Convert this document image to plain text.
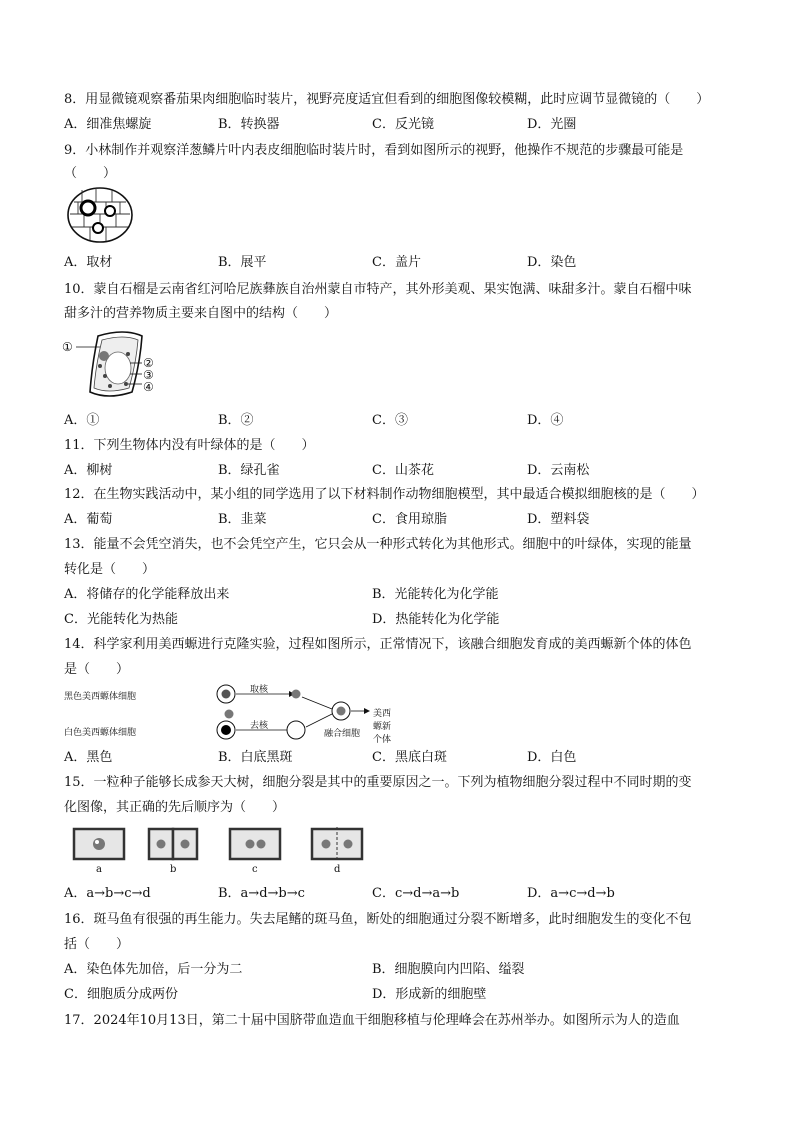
8．用显微镜观察番茄果肉细胞临时装片，视野亮度适宜但看到的细胞图像较模糊，此时应调节显微镜的（　　）
A．细准焦螺旋	B．转换器	C．反光镜	D．光圈
9．小林制作并观察洋葱鳞片叶内表皮细胞临时装片时，看到如图所示的视野，他操作不规范的步骤最可能是
（　　）
A．取材	B．展平	C．盖片	D．染色
10．蒙自石榴是云南省红河哈尼族彝族自治州蒙自市特产，其外形美观、果实饱满、味甜多汁。蒙自石榴中味
甜多汁的营养物质主要来自图中的结构（　　）
①
②
③
④
A．①	B．②	C．③	D．④
11．下列生物体内没有叶绿体的是（　　）
A．柳树	B．绿孔雀	C．山茶花	D．云南松
12．在生物实践活动中，某小组的同学选用了以下材料制作动物细胞模型，其中最适合模拟细胞核的是（　　）
A．葡萄	B．韭菜	C．食用琼脂	D．塑料袋
13．能量不会凭空消失，也不会凭空产生，它只会从一种形式转化为其他形式。细胞中的叶绿体，实现的能量
转化是（　　）
A．将储存的化学能释放出来	B．光能转化为化学能
C．光能转化为热能	D．热能转化为化学能
14．科学家利用美西螈进行克隆实验，过程如图所示，正常情况下，该融合细胞发育成的美西螈新个体的体色
是（　　）
黑色美西螈体细胞
白色美西螈体细胞
取核
去核
融合细胞
美西螈新个体
A．黑色	B．白底黑斑	C．黑底白斑	D．白色
15．一粒种子能够长成参天大树，细胞分裂是其中的重要原因之一。下列为植物细胞分裂过程中不同时期的变
化图像，其正确的先后顺序为（　　）
a	b	c	d
A．a→b→c→d	B．a→d→b→c	C．c→d→a→b	D．a→c→d→b
16．斑马鱼有很强的再生能力。失去尾鳍的斑马鱼，断处的细胞通过分裂不断增多，此时细胞发生的变化不包
括（　　）
A．染色体先加倍，后一分为二	B．细胞膜向内凹陷、缢裂
C．细胞质分成两份	D．形成新的细胞壁
17．2024年10月13日，第二十届中国脐带血造血干细胞移植与伦理峰会在苏州举办。如图所示为人的造血
